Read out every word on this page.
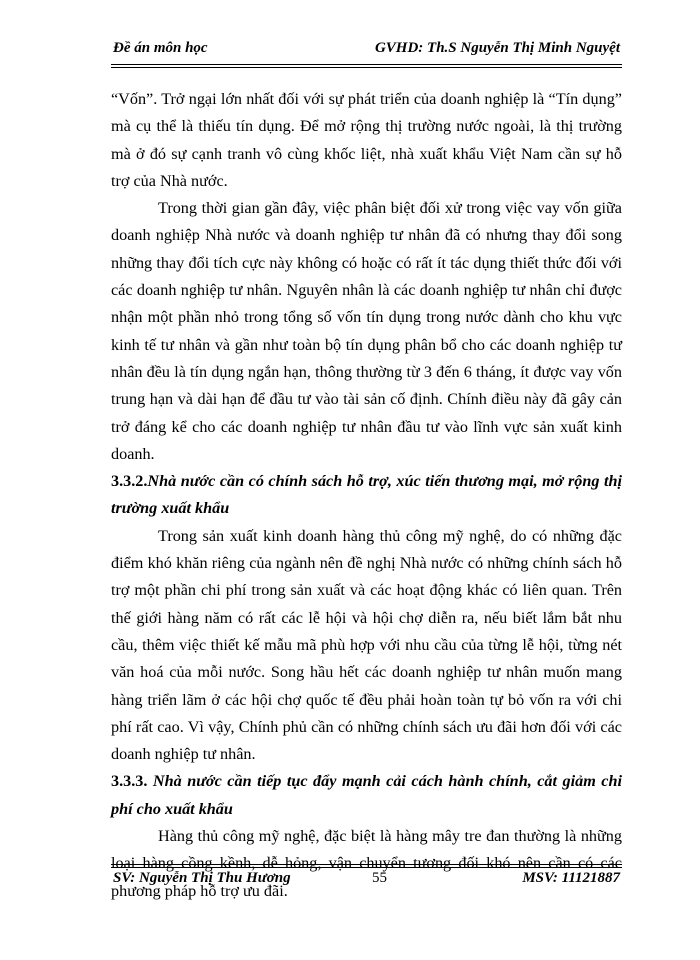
Đề án môn học	GVHD: Th.S Nguyễn Thị Minh Nguyệt

“Vốn”. Trở ngại lớn nhất đối với sự phát triển của doanh nghiệp là “Tín dụng” mà cụ thể là thiếu tín dụng. Để mở rộng thị trường nước ngoài, là thị trường mà ở đó sự cạnh tranh vô cùng khốc liệt, nhà xuất khẩu Việt Nam cần sự hỗ trợ của Nhà nước.

Trong thời gian gần đây, việc phân biệt đối xử trong việc vay vốn giữa doanh nghiệp Nhà nước và doanh nghiệp tư nhân đã có nhưng thay đổi song những thay đổi tích cực này không có hoặc có rất ít tác dụng thiết thức đối với các doanh nghiệp tư nhân. Nguyên nhân là các doanh nghiệp tư nhân chỉ được nhận một phần nhỏ trong tổng số vốn tín dụng trong nước dành cho khu vực kinh tế tư nhân và gần như toàn bộ tín dụng phân bổ cho các doanh nghiệp tư nhân đều là tín dụng ngắn hạn, thông thường từ 3 đến 6 tháng, ít được vay vốn trung hạn và dài hạn để đầu tư vào tài sản cố định. Chính điều này đã gây cản trở đáng kể cho các doanh nghiệp tư nhân đầu tư vào lĩnh vực sản xuất kinh doanh.

3.3.2.Nhà nước cần có chính sách hỗ trợ, xúc tiến thương mại, mở rộng thị trường xuất khẩu

Trong sản xuất kinh doanh hàng thủ công mỹ nghệ, do có những đặc điểm khó khăn riêng của ngành nên đề nghị Nhà nước có những chính sách hỗ trợ một phần chi phí trong sản xuất và các hoạt động khác có liên quan. Trên thế giới hàng năm có rất các lễ hội và hội chợ diễn ra, nếu biết lắm bắt nhu cầu, thêm việc thiết kế mẫu mã phù hợp với nhu cầu của từng lễ hội, từng nét văn hoá của mỗi nước. Song hầu hết các doanh nghiệp tư nhân muốn mang hàng triển lãm ở các hội chợ quốc tế đều phải hoàn toàn tự bỏ vốn ra với chi phí rất cao. Vì vậy, Chính phủ cần có những chính sách ưu đãi hơn đối với các doanh nghiệp tư nhân.

3.3.3. Nhà nước cần tiếp tục đẩy mạnh cải cách hành chính, cắt giảm chi phí cho xuất khẩu

Hàng thủ công mỹ nghệ, đặc biệt là hàng mây tre đan thường là những loại hàng cồng kềnh, dễ hỏng, vận chuyển tương đối khó nên cần có các phương pháp hỗ trợ ưu đãi.

SV: Nguyễn Thị Thu Hương	55	MSV: 11121887
